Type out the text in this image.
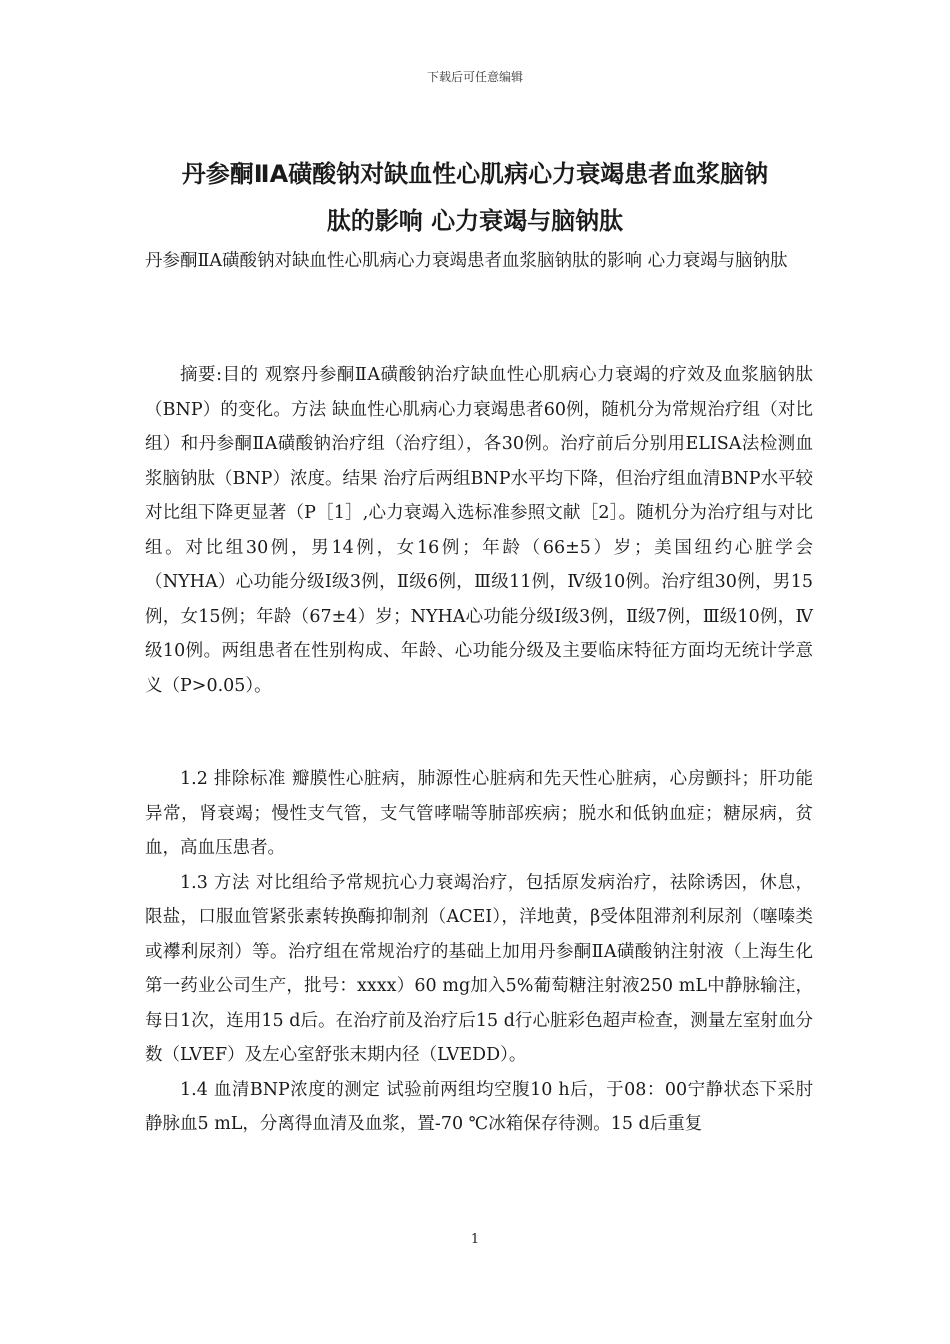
下载后可任意编辑
丹参酮ⅡA磺酸钠对缺血性心肌病心力衰竭患者血浆脑钠
肽的影响 心力衰竭与脑钠肽

丹参酮ⅡA磺酸钠对缺血性心肌病心力衰竭患者血浆脑钠肽的影响 心力衰竭与脑钠肽

摘要:目的 观察丹参酮ⅡA磺酸钠治疗缺血性心肌病心力衰竭的疗效及血浆脑钠肽（BNP）的变化。方法 缺血性心肌病心力衰竭患者60例，随机分为常规治疗组（对比组）和丹参酮ⅡA磺酸钠治疗组（治疗组），各30例。治疗前后分别用ELISA法检测血浆脑钠肽（BNP）浓度。结果 治疗后两组BNP水平均下降，但治疗组血清BNP水平较对比组下降更显著（P［1］,心力衰竭入选标准参照文献［2］。随机分为治疗组与对比组。对比组30例，男14例，女16例；年龄（66±5）岁；美国纽约心脏学会（NYHA）心功能分级Ⅰ级3例，Ⅱ级6例，Ⅲ级11例，Ⅳ级10例。治疗组30例，男15例，女15例；年龄（67±4）岁；NYHA心功能分级Ⅰ级3例，Ⅱ级7例，Ⅲ级10例，Ⅳ级10例。两组患者在性别构成、年龄、心功能分级及主要临床特征方面均无统计学意义（P>0.05）。

1.2 排除标准 瓣膜性心脏病，肺源性心脏病和先天性心脏病，心房颤抖；肝功能异常，肾衰竭；慢性支气管，支气管哮喘等肺部疾病；脱水和低钠血症；糖尿病，贫血，高血压患者。

1.3 方法 对比组给予常规抗心力衰竭治疗，包括原发病治疗，祛除诱因，休息，限盐，口服血管紧张素转换酶抑制剂（ACEI），洋地黄，β受体阻滞剂利尿剂（噻嗪类或襻利尿剂）等。治疗组在常规治疗的基础上加用丹参酮ⅡA磺酸钠注射液（上海生化第一药业公司生产，批号：xxxx）60 mg加入5%葡萄糖注射液250 mL中静脉输注，每日1次，连用15 d后。在治疗前及治疗后15 d行心脏彩色超声检查，测量左室射血分数（LVEF）及左心室舒张末期内径（LVEDD）。

1.4 血清BNP浓度的测定 试验前两组均空腹10 h后，于08：00宁静状态下采肘静脉血5 mL，分离得血清及血浆，置-70 ℃冰箱保存待测。15 d后重复

1
